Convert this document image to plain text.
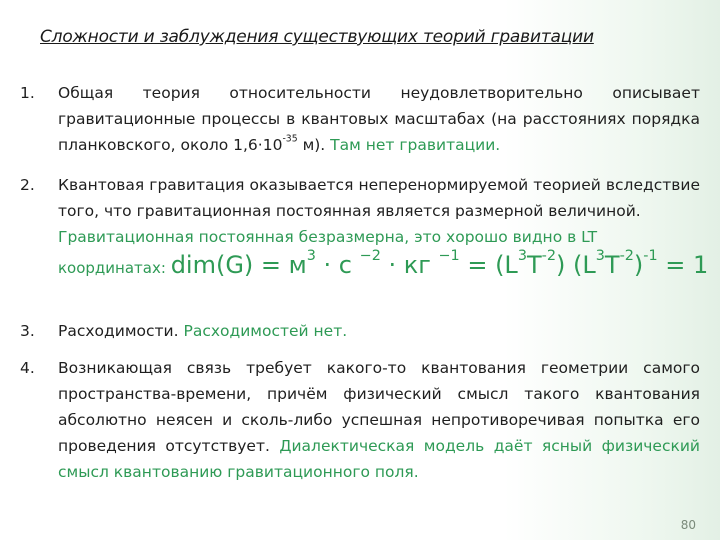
Сложности и заблуждения существующих теорий гравитации
1. Общая теория относительности неудовлетворительно описывает гравитационные процессы в квантовых масштабах (на расстояниях порядка планковского, около $1,6\cdot 10^{-35}$ м). Там нет гравитации.
2. Квантовая гравитация оказывается неперенормируемой теорией вследствие того, что гравитационная постоянная является размерной величиной.
Гравитационная постоянная безразмерна, это хорошо видно в LT
координатах: $dim(G) = м^3 \cdot с$ $^{-2}$ · кг $^{-1} = (L^3T^{-2}) (L^3T^{-2})^{-1} = 1$
3. Расходимости. Расходимостей нет.
4. Возникающая связь требует какого-то квантования геометрии самого пространства-времени, причём физический смысл такого квантования абсолютно неясен и сколь-либо успешная непротиворечивая попытка его проведения отсутствует. Диалектическая модель даёт ясный физический смысл квантованию гравитационного поля.
80
